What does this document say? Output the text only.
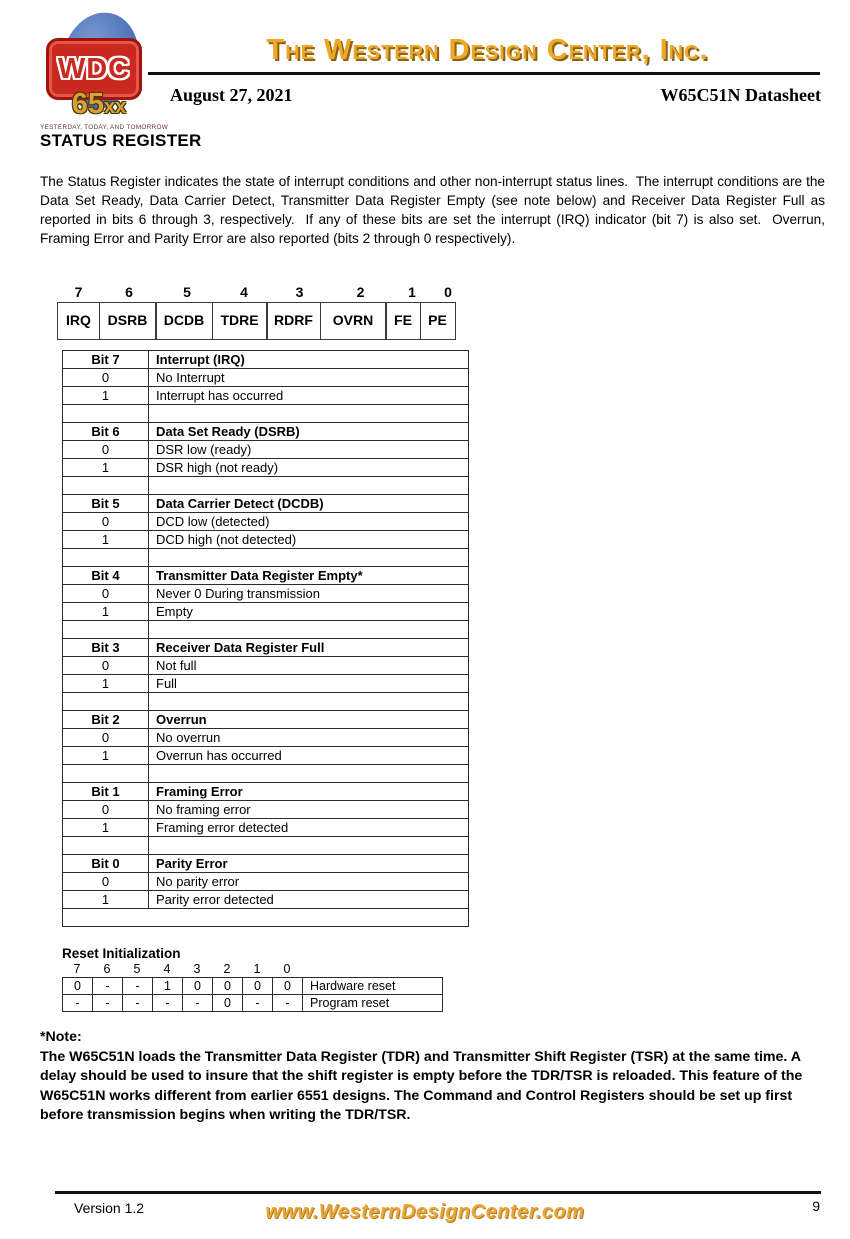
WDC
65xx
YESTERDAY, TODAY, AND TOMORROW
The Western Design Center, Inc.
August 27, 2021	W65C51N Datasheet
STATUS REGISTER
The Status Register indicates the state of interrupt conditions and other non-interrupt status lines.  The interrupt conditions are the Data Set Ready, Data Carrier Detect, Transmitter Data Register Empty (see note below) and Receiver Data Register Full as reported in bits 6 through 3, respectively.  If any of these bits are set the interrupt (IRQ) indicator (bit 7) is also set.  Overrun, Framing Error and Parity Error are also reported (bits 2 through 0 respectively).
7	6	5	4	3	2	1	0
IRQ	DSRB	DCDB	TDRE	RDRF	OVRN	FE	PE
Bit 7	Interrupt (IRQ)
0	No Interrupt
1	Interrupt has occurred

Bit 6	Data Set Ready (DSRB)
0	DSR low (ready)
1	DSR high (not ready)

Bit 5	Data Carrier Detect (DCDB)
0	DCD low (detected)
1	DCD high (not detected)

Bit 4	Transmitter Data Register Empty*
0	Never 0 During transmission
1	Empty

Bit 3	Receiver Data Register Full
0	Not full
1	Full

Bit 2	Overrun
0	No overrun
1	Overrun has occurred

Bit 1	Framing Error
0	No framing error
1	Framing error detected

Bit 0	Parity Error
0	No parity error
1	Parity error detected

Reset Initialization
7	6	5	4	3	2	1	0
0	-	-	1	0	0	0	0	Hardware reset
-	-	-	-	-	0	-	-	Program reset
*Note:
The W65C51N loads the Transmitter Data Register (TDR) and Transmitter Shift Register (TSR) at the same time. A delay should be used to insure that the shift register is empty before the TDR/TSR is reloaded. This feature of the W65C51N works different from earlier 6551 designs. The Command and Control Registers should be set up first before transmission begins when writing the TDR/TSR.
Version 1.2	www.WesternDesignCenter.com	9
